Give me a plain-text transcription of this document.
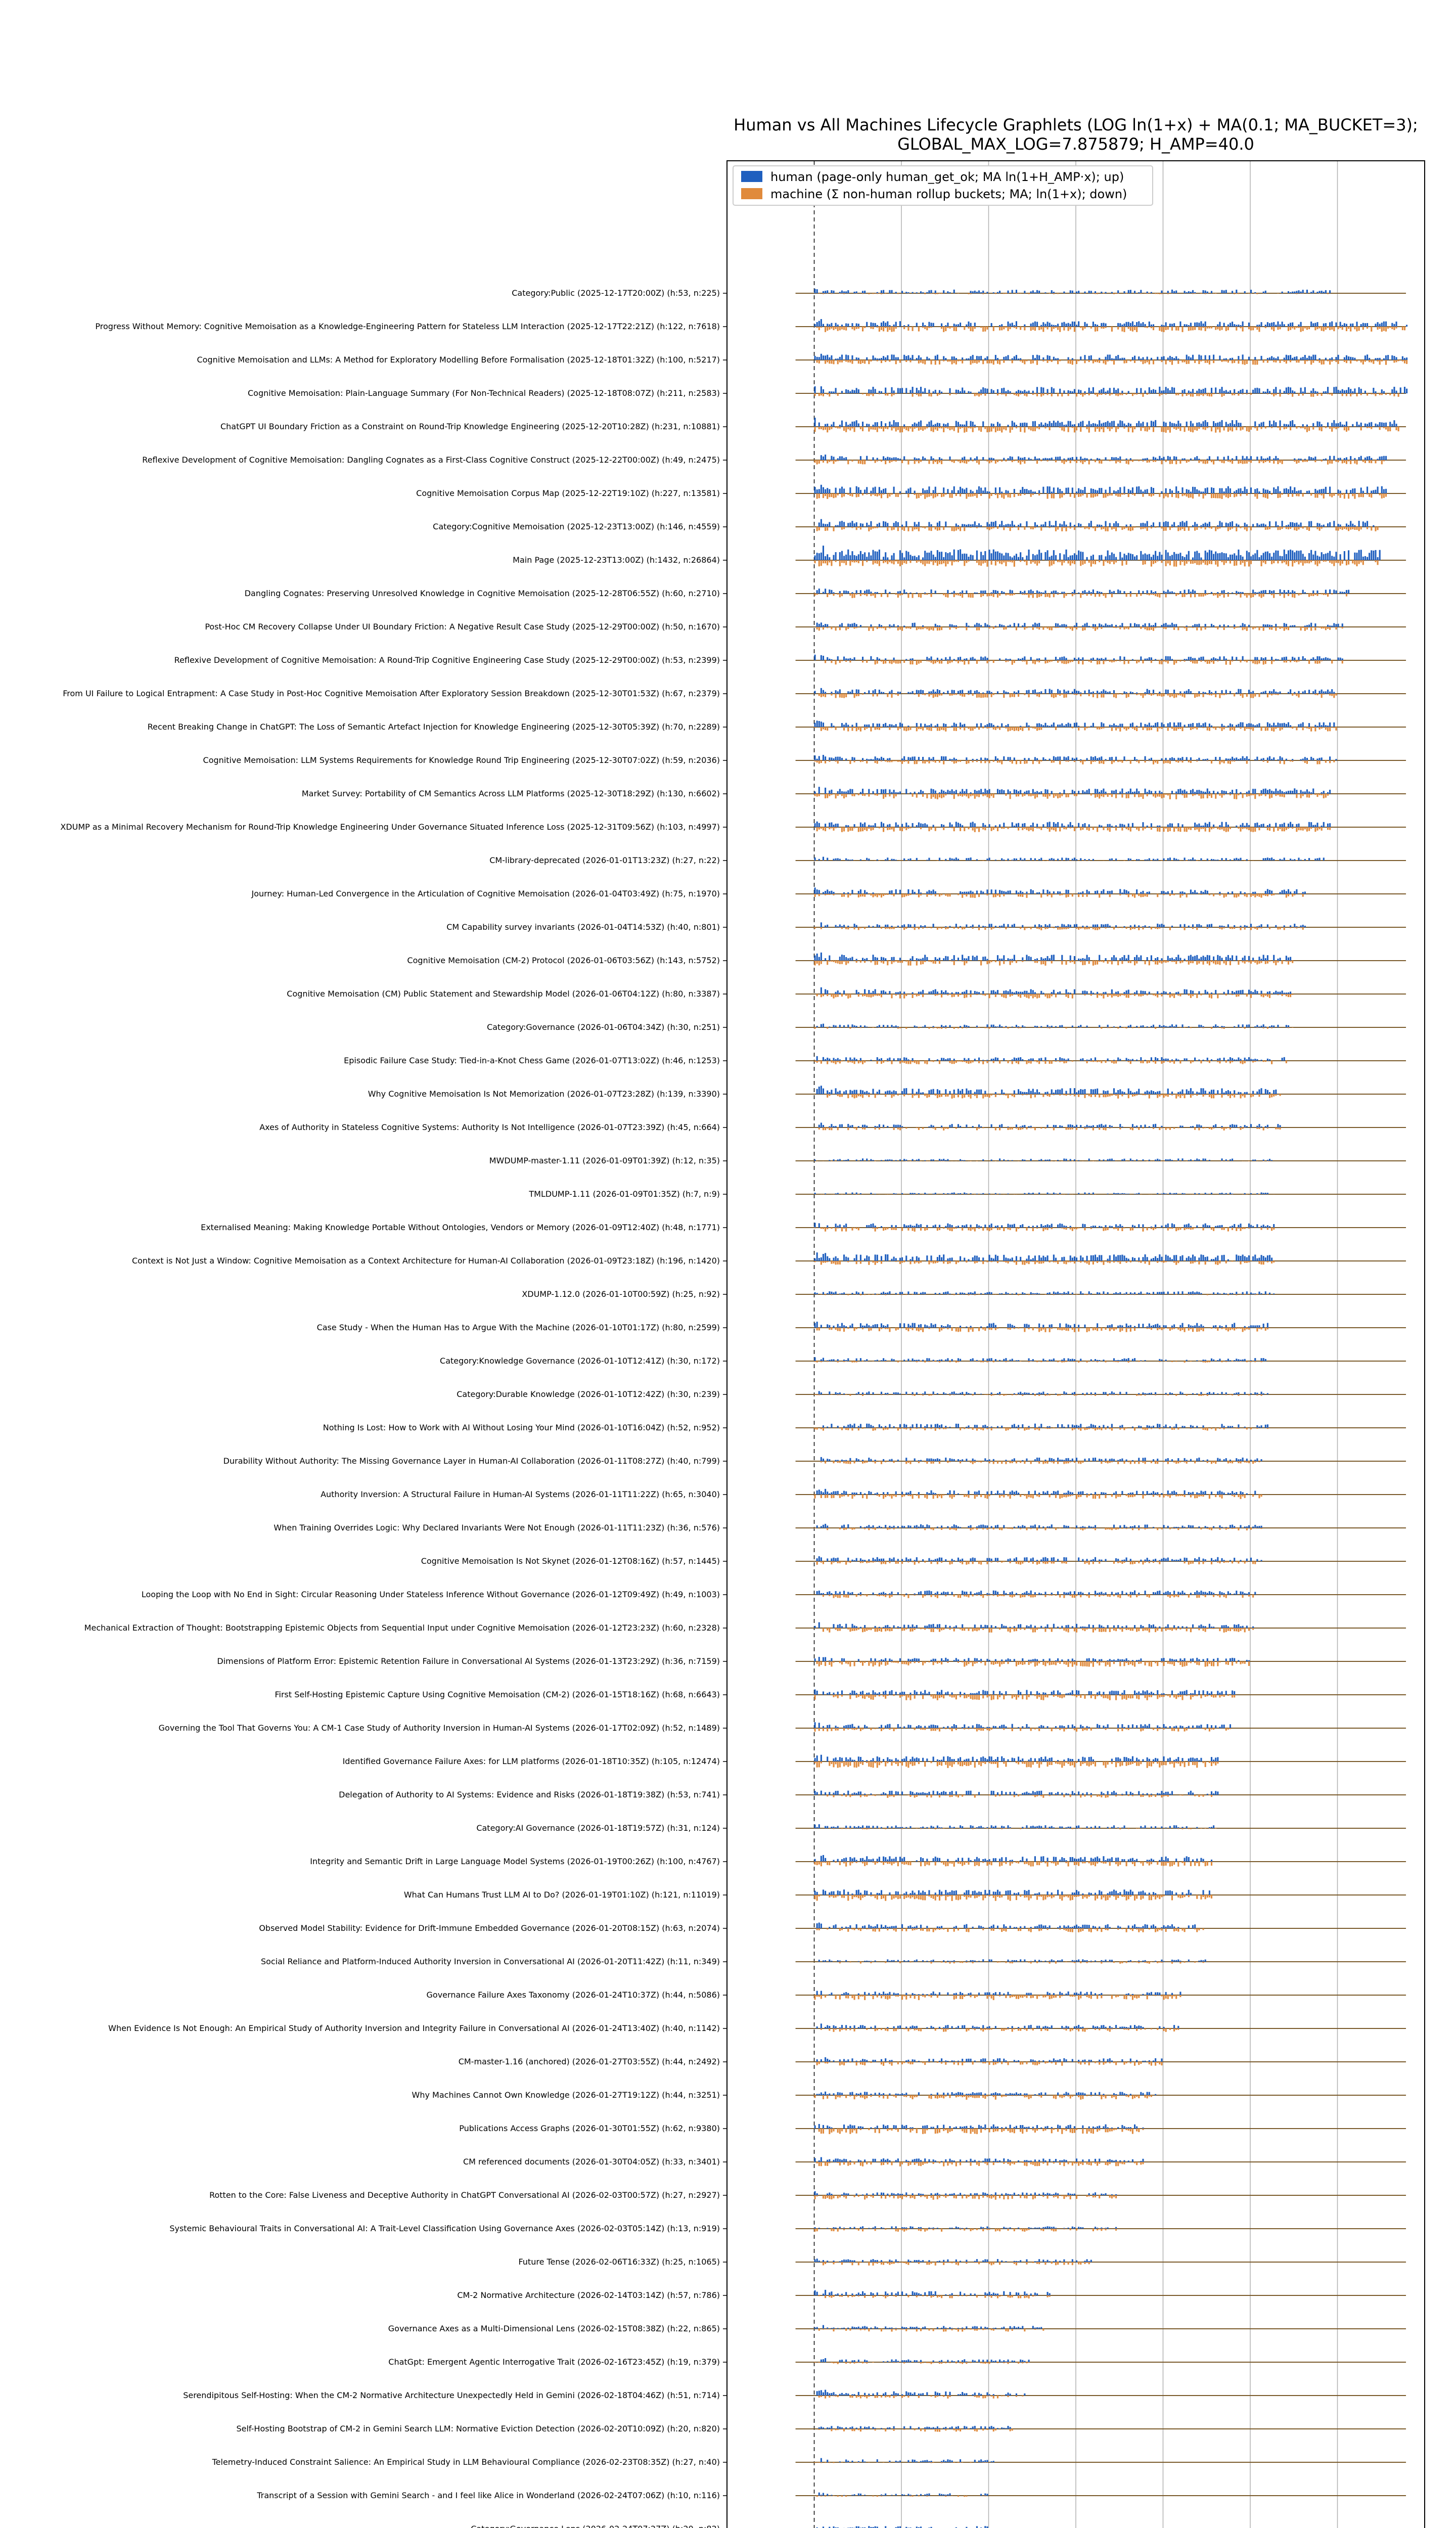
Human vs All Machines Lifecycle Graphlets (LOG ln(1+x) + MA(0.1; MA_BUCKET=3);
GLOBAL_MAX_LOG=7.875879; H_AMP=40.0
Category:Public (2025-12-17T20:00Z) (h:53, n:225)
Progress Without Memory: Cognitive Memoisation as a Knowledge-Engineering Pattern for Stateless LLM Interaction (2025-12-17T22:21Z) (h:122, n:7618)
Cognitive Memoisation and LLMs: A Method for Exploratory Modelling Before Formalisation (2025-12-18T01:32Z) (h:100, n:5217)
Cognitive Memoisation: Plain-Language Summary (For Non-Technical Readers) (2025-12-18T08:07Z) (h:211, n:2583)
ChatGPT UI Boundary Friction as a Constraint on Round-Trip Knowledge Engineering (2025-12-20T10:28Z) (h:231, n:10881)
Reflexive Development of Cognitive Memoisation: Dangling Cognates as a First-Class Cognitive Construct (2025-12-22T00:00Z) (h:49, n:2475)
Cognitive Memoisation Corpus Map (2025-12-22T19:10Z) (h:227, n:13581)
Category:Cognitive Memoisation (2025-12-23T13:00Z) (h:146, n:4559)
Main Page (2025-12-23T13:00Z) (h:1432, n:26864)
Dangling Cognates: Preserving Unresolved Knowledge in Cognitive Memoisation (2025-12-28T06:55Z) (h:60, n:2710)
Post-Hoc CM Recovery Collapse Under UI Boundary Friction: A Negative Result Case Study (2025-12-29T00:00Z) (h:50, n:1670)
Reflexive Development of Cognitive Memoisation: A Round-Trip Cognitive Engineering Case Study (2025-12-29T00:00Z) (h:53, n:2399)
From UI Failure to Logical Entrapment: A Case Study in Post-Hoc Cognitive Memoisation After Exploratory Session Breakdown (2025-12-30T01:53Z) (h:67, n:2379)
Recent Breaking Change in ChatGPT: The Loss of Semantic Artefact Injection for Knowledge Engineering (2025-12-30T05:39Z) (h:70, n:2289)
Cognitive Memoisation: LLM Systems Requirements for Knowledge Round Trip Engineering (2025-12-30T07:02Z) (h:59, n:2036)
Market Survey: Portability of CM Semantics Across LLM Platforms (2025-12-30T18:29Z) (h:130, n:6602)
XDUMP as a Minimal Recovery Mechanism for Round-Trip Knowledge Engineering Under Governance Situated Inference Loss (2025-12-31T09:56Z) (h:103, n:4997)
CM-library-deprecated (2026-01-01T13:23Z) (h:27, n:22)
Journey: Human-Led Convergence in the Articulation of Cognitive Memoisation (2026-01-04T03:49Z) (h:75, n:1970)
CM Capability survey invariants (2026-01-04T14:53Z) (h:40, n:801)
Cognitive Memoisation (CM-2) Protocol (2026-01-06T03:56Z) (h:143, n:5752)
Cognitive Memoisation (CM) Public Statement and Stewardship Model (2026-01-06T04:12Z) (h:80, n:3387)
Category:Governance (2026-01-06T04:34Z) (h:30, n:251)
Episodic Failure Case Study: Tied-in-a-Knot Chess Game (2026-01-07T13:02Z) (h:46, n:1253)
Why Cognitive Memoisation Is Not Memorization (2026-01-07T23:28Z) (h:139, n:3390)
Axes of Authority in Stateless Cognitive Systems: Authority Is Not Intelligence (2026-01-07T23:39Z) (h:45, n:664)
MWDUMP-master-1.11 (2026-01-09T01:39Z) (h:12, n:35)
TMLDUMP-1.11 (2026-01-09T01:35Z) (h:7, n:9)
Externalised Meaning: Making Knowledge Portable Without Ontologies, Vendors or Memory (2026-01-09T12:40Z) (h:48, n:1771)
Context is Not Just a Window: Cognitive Memoisation as a Context Architecture for Human-AI Collaboration (2026-01-09T23:18Z) (h:196, n:1420)
XDUMP-1.12.0 (2026-01-10T00:59Z) (h:25, n:92)
Case Study - When the Human Has to Argue With the Machine (2026-01-10T01:17Z) (h:80, n:2599)
Category:Knowledge Governance (2026-01-10T12:41Z) (h:30, n:172)
Category:Durable Knowledge (2026-01-10T12:42Z) (h:30, n:239)
Nothing Is Lost: How to Work with AI Without Losing Your Mind (2026-01-10T16:04Z) (h:52, n:952)
Durability Without Authority: The Missing Governance Layer in Human-AI Collaboration (2026-01-11T08:27Z) (h:40, n:799)
Authority Inversion: A Structural Failure in Human-AI Systems (2026-01-11T11:22Z) (h:65, n:3040)
When Training Overrides Logic: Why Declared Invariants Were Not Enough (2026-01-11T11:23Z) (h:36, n:576)
Cognitive Memoisation Is Not Skynet (2026-01-12T08:16Z) (h:57, n:1445)
Looping the Loop with No End in Sight: Circular Reasoning Under Stateless Inference Without Governance (2026-01-12T09:49Z) (h:49, n:1003)
Mechanical Extraction of Thought: Bootstrapping Epistemic Objects from Sequential Input under Cognitive Memoisation (2026-01-12T23:23Z) (h:60, n:2328)
Dimensions of Platform Error: Epistemic Retention Failure in Conversational AI Systems (2026-01-13T23:29Z) (h:36, n:7159)
First Self-Hosting Epistemic Capture Using Cognitive Memoisation (CM-2) (2026-01-15T18:16Z) (h:68, n:6643)
Governing the Tool That Governs You: A CM-1 Case Study of Authority Inversion in Human-AI Systems (2026-01-17T02:09Z) (h:52, n:1489)
Identified Governance Failure Axes: for LLM platforms (2026-01-18T10:35Z) (h:105, n:12474)
Delegation of Authority to AI Systems: Evidence and Risks (2026-01-18T19:38Z) (h:53, n:741)
Category:AI Governance (2026-01-18T19:57Z) (h:31, n:124)
Integrity and Semantic Drift in Large Language Model Systems (2026-01-19T00:26Z) (h:100, n:4767)
What Can Humans Trust LLM AI to Do? (2026-01-19T01:10Z) (h:121, n:11019)
Observed Model Stability: Evidence for Drift-Immune Embedded Governance (2026-01-20T08:15Z) (h:63, n:2074)
Social Reliance and Platform-Induced Authority Inversion in Conversational AI (2026-01-20T11:42Z) (h:11, n:349)
Governance Failure Axes Taxonomy (2026-01-24T10:37Z) (h:44, n:5086)
When Evidence Is Not Enough: An Empirical Study of Authority Inversion and Integrity Failure in Conversational AI (2026-01-24T13:40Z) (h:40, n:1142)
CM-master-1.16 (anchored) (2026-01-27T03:55Z) (h:44, n:2492)
Why Machines Cannot Own Knowledge (2026-01-27T19:12Z) (h:44, n:3251)
Publications Access Graphs (2026-01-30T01:55Z) (h:62, n:9380)
CM referenced documents (2026-01-30T04:05Z) (h:33, n:3401)
Rotten to the Core: False Liveness and Deceptive Authority in ChatGPT Conversational AI (2026-02-03T00:57Z) (h:27, n:2927)
Systemic Behavioural Traits in Conversational AI: A Trait-Level Classification Using Governance Axes (2026-02-03T05:14Z) (h:13, n:919)
Future Tense (2026-02-06T16:33Z) (h:25, n:1065)
CM-2 Normative Architecture (2026-02-14T03:14Z) (h:57, n:786)
Governance Axes as a Multi-Dimensional Lens (2026-02-15T08:38Z) (h:22, n:865)
ChatGpt: Emergent Agentic Interrogative Trait (2026-02-16T23:45Z) (h:19, n:379)
Serendipitous Self-Hosting: When the CM-2 Normative Architecture Unexpectedly Held in Gemini (2026-02-18T04:46Z) (h:51, n:714)
Self-Hosting Bootstrap of CM-2 in Gemini Search LLM: Normative Eviction Detection (2026-02-20T10:09Z) (h:20, n:820)
Telemetry-Induced Constraint Salience: An Empirical Study in LLM Behavioural Compliance (2026-02-23T08:35Z) (h:27, n:40)
Transcript of a Session with Gemini Search - and I feel like Alice in Wonderland (2026-02-24T07:06Z) (h:10, n:116)
human (page-only human_get_ok; MA ln(1+H_AMP·x); up)
machine (Σ non-human rollup buckets; MA; ln(1+x); down)
